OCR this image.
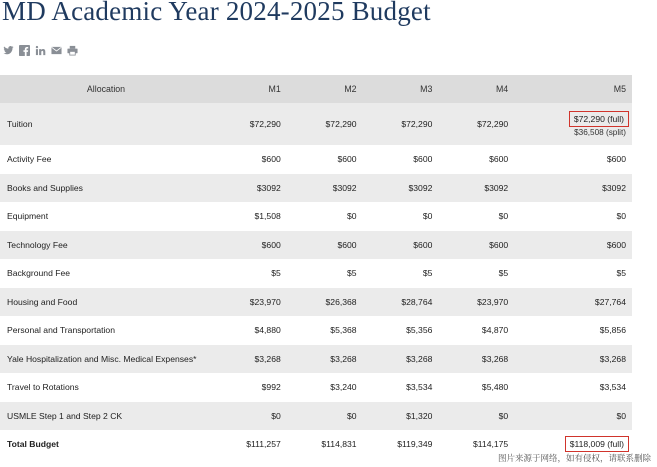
MD Academic Year 2024-2025 Budget
Allocation	M1	M2	M3	M4	M5
Tuition	$72,290	$72,290	$72,290	$72,290	$72,290 (full)
$36,508 (split)

Activity Fee	$600	$600	$600	$600	$600
Books and Supplies	$3092	$3092	$3092	$3092	$3092
Equipment	$1,508	$0	$0	$0	$0
Technology Fee	$600	$600	$600	$600	$600
Background Fee	$5	$5	$5	$5	$5
Housing and Food	$23,970	$26,368	$28,764	$23,970	$27,764
Personal and Transportation	$4,880	$5,368	$5,356	$4,870	$5,856
Yale Hospitalization and Misc. Medical Expenses*	$3,268	$3,268	$3,268	$3,268	$3,268
Travel to Rotations	$992	$3,240	$3,534	$5,480	$3,534
USMLE Step 1 and Step 2 CK	$0	$0	$1,320	$0	$0
Total Budget	$111,257	$114,831	$119,349	$114,175	$118,009 (full)
图片来源于网络，如有侵权，请联系删除
